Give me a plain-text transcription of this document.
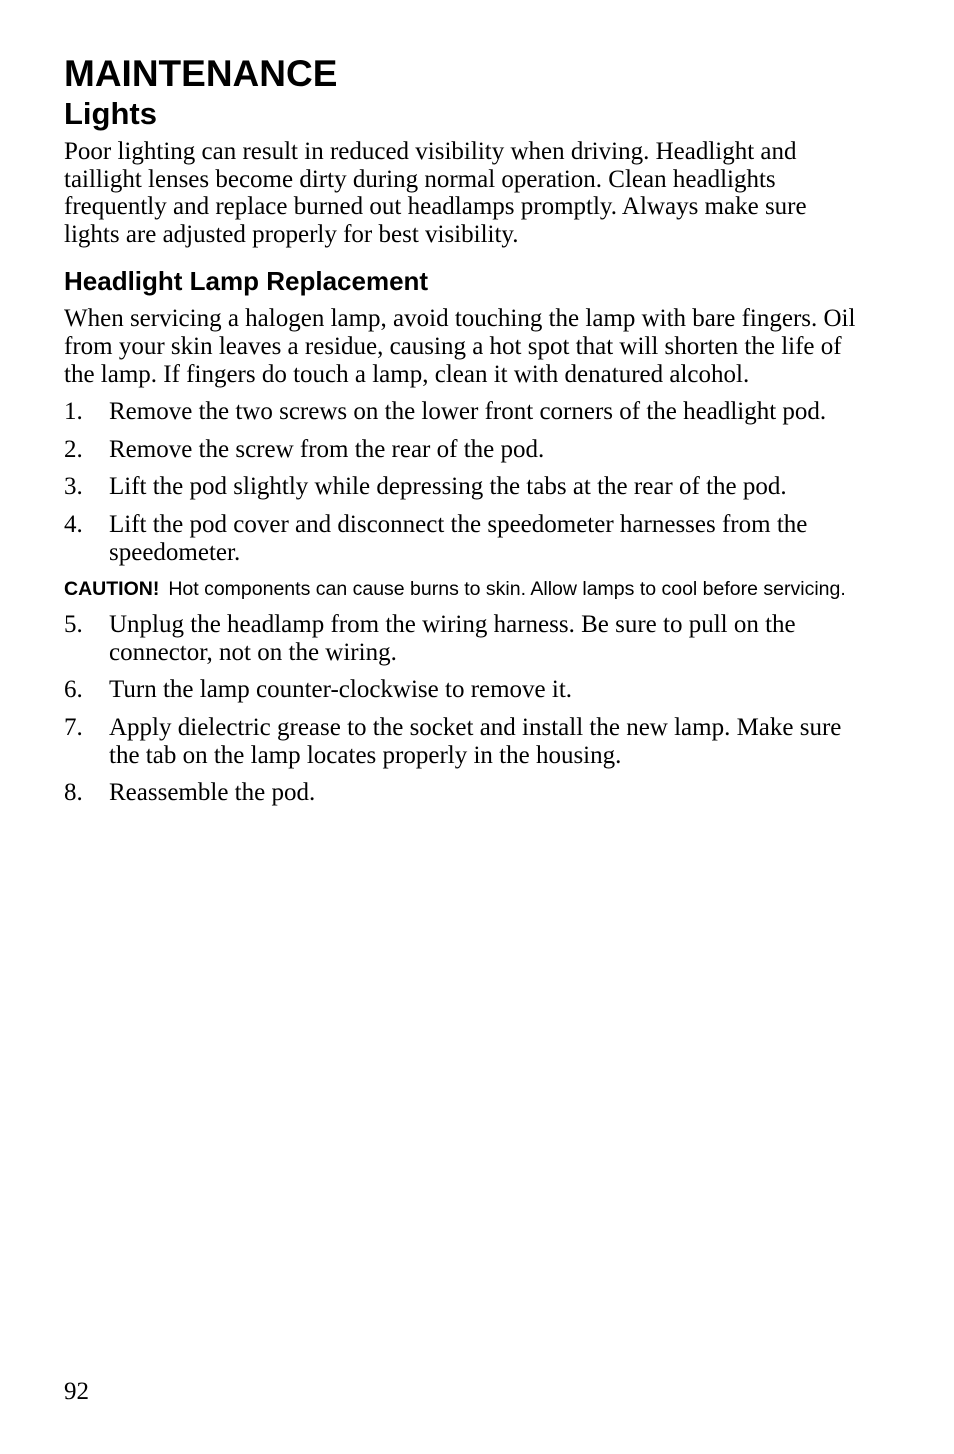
MAINTENANCE
Lights

Poor lighting can result in reduced visibility when driving. Headlight and taillight lenses become dirty during normal operation. Clean headlights frequently and replace burned out headlamps promptly. Always make sure lights are adjusted properly for best visibility.

Headlight Lamp Replacement

When servicing a halogen lamp, avoid touching the lamp with bare fingers. Oil from your skin leaves a residue, causing a hot spot that will shorten the life of the lamp. If fingers do touch a lamp, clean it with denatured alcohol.

1.	Remove the two screws on the lower front corners of the headlight pod.
2.	Remove the screw from the rear of the pod.
3.	Lift the pod slightly while depressing the tabs at the rear of the pod.
4.	Lift the pod cover and disconnect the speedometer harnesses from the speedometer.

CAUTION! Hot components can cause burns to skin. Allow lamps to cool before servicing.

5.	Unplug the headlamp from the wiring harness. Be sure to pull on the connector, not on the wiring.
6.	Turn the lamp counter-clockwise to remove it.
7.	Apply dielectric grease to the socket and install the new lamp. Make sure the tab on the lamp locates properly in the housing.
8.	Reassemble the pod.
92
